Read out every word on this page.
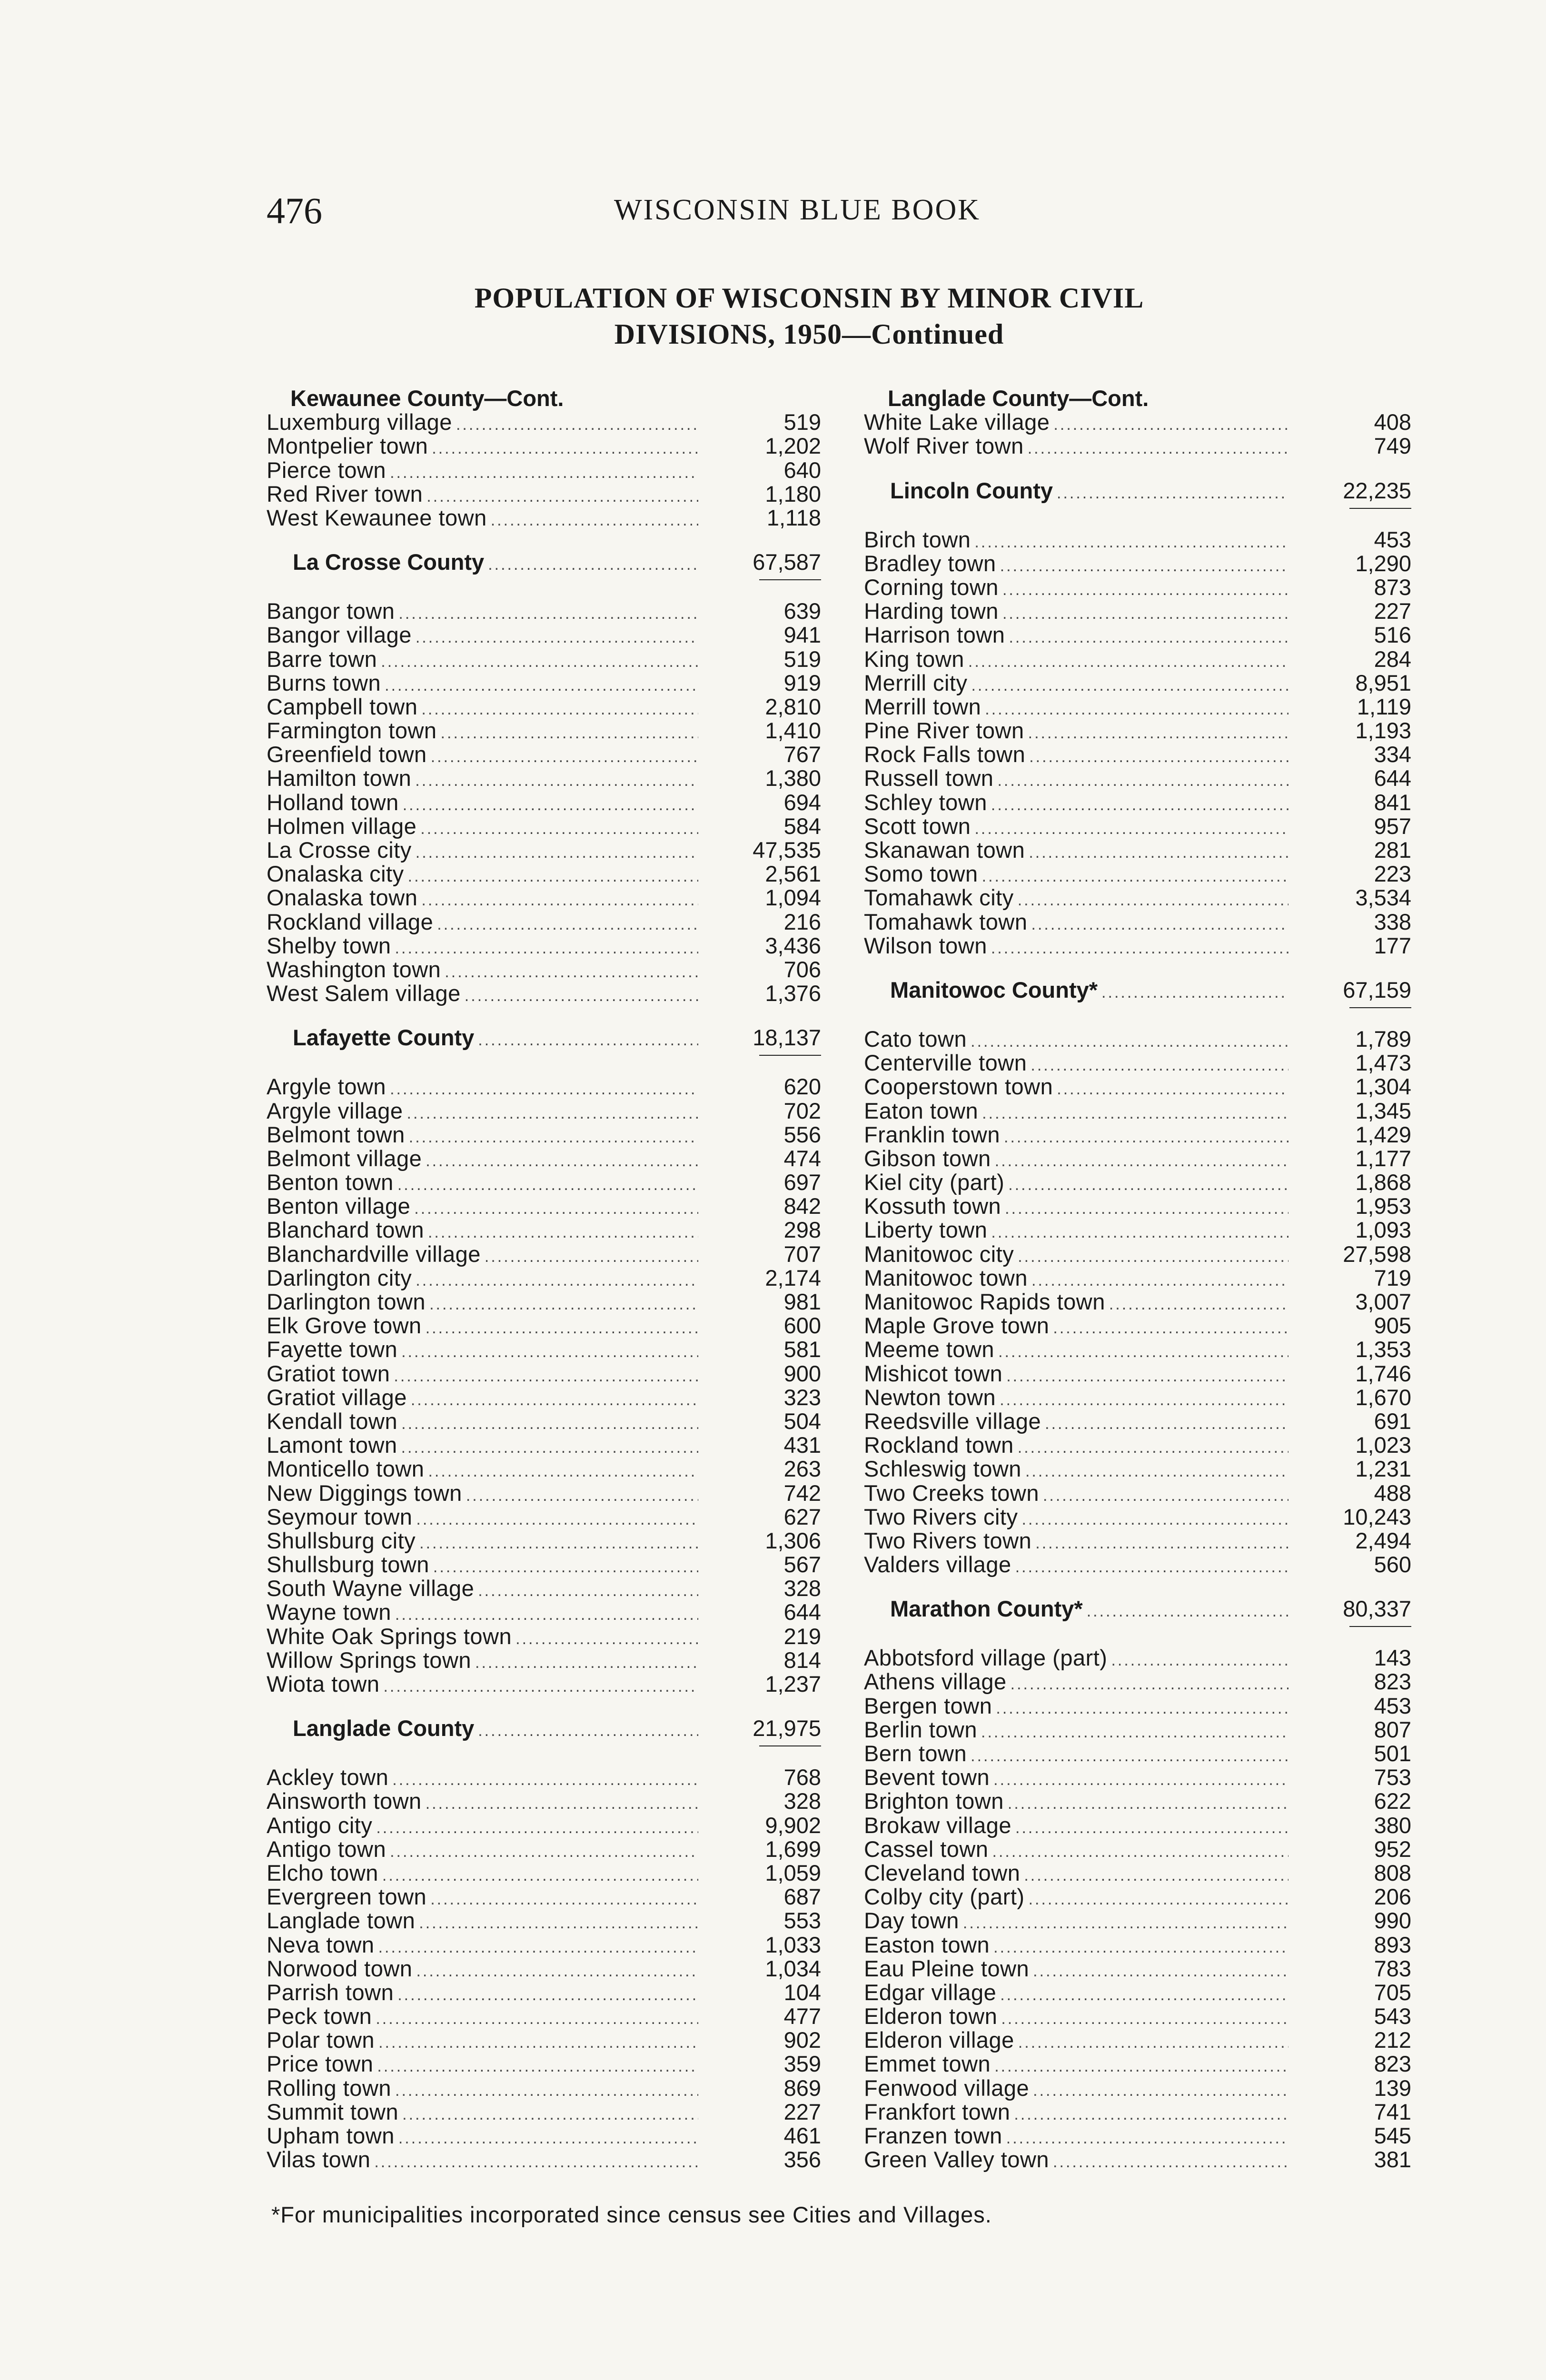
476	WISCONSIN BLUE BOOK
POPULATION OF WISCONSIN BY MINOR CIVIL
DIVISIONS, 1950—Continued
Kewaunee County—Cont.
Luxemburg village .....	519
Montpelier town .....	1,202
Pierce town .....	640
Red River town .....	1,180
West Kewaunee town .....	1,118
La Crosse County .....	67,587
Bangor town .....	639
Bangor village .....	941
Barre town .....	519
Burns town .....	919
Campbell town .....	2,810
Farmington town .....	1,410
Greenfield town .....	767
Hamilton town .....	1,380
Holland town .....	694
Holmen village .....	584
La Crosse city .....	47,535
Onalaska city .....	2,561
Onalaska town .....	1,094
Rockland village .....	216
Shelby town .....	3,436
Washington town .....	706
West Salem village .....	1,376
Lafayette County .....	18,137
Argyle town .....	620
Argyle village .....	702
Belmont town .....	556
Belmont village .....	474
Benton town .....	697
Benton village .....	842
Blanchard town .....	298
Blanchardville village .....	707
Darlington city .....	2,174
Darlington town .....	981
Elk Grove town .....	600
Fayette town .....	581
Gratiot town .....	900
Gratiot village .....	323
Kendall town .....	504
Lamont town .....	431
Monticello town .....	263
New Diggings town .....	742
Seymour town .....	627
Shullsburg city .....	1,306
Shullsburg town .....	567
South Wayne village .....	328
Wayne town .....	644
White Oak Springs town .....	219
Willow Springs town .....	814
Wiota town .....	1,237
Langlade County .....	21,975
Ackley town .....	768
Ainsworth town .....	328
Antigo city .....	9,902
Antigo town .....	1,699
Elcho town .....	1,059
Evergreen town .....	687
Langlade town .....	553
Neva town .....	1,033
Norwood town .....	1,034
Parrish town .....	104
Peck town .....	477
Polar town .....	902
Price town .....	359
Rolling town .....	869
Summit town .....	227
Upham town .....	461
Vilas town .....	356
Langlade County—Cont.
White Lake village .....	408
Wolf River town .....	749
Lincoln County .....	22,235
Birch town .....	453
Bradley town .....	1,290
Corning town .....	873
Harding town .....	227
Harrison town .....	516
King town .....	284
Merrill city .....	8,951
Merrill town .....	1,119
Pine River town .....	1,193
Rock Falls town .....	334
Russell town .....	644
Schley town .....	841
Scott town .....	957
Skanawan town .....	281
Somo town .....	223
Tomahawk city .....	3,534
Tomahawk town .....	338
Wilson town .....	177
Manitowoc County* .....	67,159
Cato town .....	1,789
Centerville town .....	1,473
Cooperstown town .....	1,304
Eaton town .....	1,345
Franklin town .....	1,429
Gibson town .....	1,177
Kiel city (part) .....	1,868
Kossuth town .....	1,953
Liberty town .....	1,093
Manitowoc city .....	27,598
Manitowoc town .....	719
Manitowoc Rapids town .....	3,007
Maple Grove town .....	905
Meeme town .....	1,353
Mishicot town .....	1,746
Newton town .....	1,670
Reedsville village .....	691
Rockland town .....	1,023
Schleswig town .....	1,231
Two Creeks town .....	488
Two Rivers city .....	10,243
Two Rivers town .....	2,494
Valders village .....	560
Marathon County* .....	80,337
Abbotsford village (part) .....	143
Athens village .....	823
Bergen town .....	453
Berlin town .....	807
Bern town .....	501
Bevent town .....	753
Brighton town .....	622
Brokaw village .....	380
Cassel town .....	952
Cleveland town .....	808
Colby city (part) .....	206
Day town .....	990
Easton town .....	893
Eau Pleine town .....	783
Edgar village .....	705
Elderon town .....	543
Elderon village .....	212
Emmet town .....	823
Fenwood village .....	139
Frankfort town .....	741
Franzen town .....	545
Green Valley town .....	381
*For municipalities incorporated since census see Cities and Villages.
